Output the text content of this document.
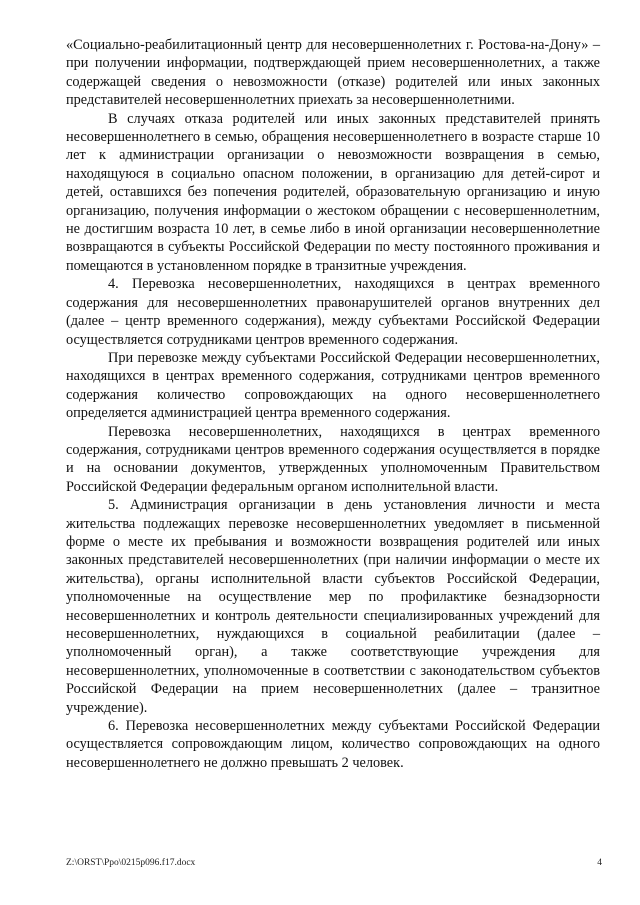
«Социально-реабилитационный центр для несовершеннолетних г. Ростова-на-Дону» – при получении информации, подтверждающей прием несовершеннолетних, а также содержащей сведения о невозможности (отказе) родителей или иных законных представителей несовершеннолетних приехать за несовершеннолетними.

В случаях отказа родителей или иных законных представителей принять несовершеннолетнего в семью, обращения несовершеннолетнего в возрасте старше 10 лет к администрации организации о невозможности возвращения в семью, находящуюся в социально опасном положении, в организацию для детей-сирот и детей, оставшихся без попечения родителей, образовательную организацию и иную организацию, получения информации о жестоком обращении с несовершеннолетним, не достигшим возраста 10 лет, в семье либо в иной организации несовершеннолетние возвращаются в субъекты Российской Федерации по месту постоянного проживания и помещаются в установленном порядке в транзитные учреждения.

4. Перевозка несовершеннолетних, находящихся в центрах временного содержания для несовершеннолетних правонарушителей органов внутренних дел (далее – центр временного содержания), между субъектами Российской Федерации осуществляется сотрудниками центров временного содержания.

При перевозке между субъектами Российской Федерации несовершеннолетних, находящихся в центрах временного содержания, сотрудниками центров временного содержания количество сопровождающих на одного несовершеннолетнего определяется администрацией центра временного содержания.

Перевозка несовершеннолетних, находящихся в центрах временного содержания, сотрудниками центров временного содержания осуществляется в порядке и на основании документов, утвержденных уполномоченным Правительством Российской Федерации федеральным органом исполнительной власти.

5. Администрация организации в день установления личности и места жительства подлежащих перевозке несовершеннолетних уведомляет в письменной форме о месте их пребывания и возможности возвращения родителей или иных законных представителей несовершеннолетних (при наличии информации о месте их жительства), органы исполнительной власти субъектов Российской Федерации, уполномоченные на осуществление мер по профилактике безнадзорности несовершеннолетних и контроль деятельности специализированных учреждений для несовершеннолетних, нуждающихся в социальной реабилитации (далее – уполномоченный орган), а также соответствующие учреждения для несовершеннолетних, уполномоченные в соответствии с законодательством субъектов Российской Федерации на прием несовершеннолетних (далее – транзитное учреждение).

6. Перевозка несовершеннолетних между субъектами Российской Федерации осуществляется сопровождающим лицом, количество сопровождающих на одного несовершеннолетнего не должно превышать 2 человек.

Z:\ORST\Ppo\0215p096.f17.docx	4
